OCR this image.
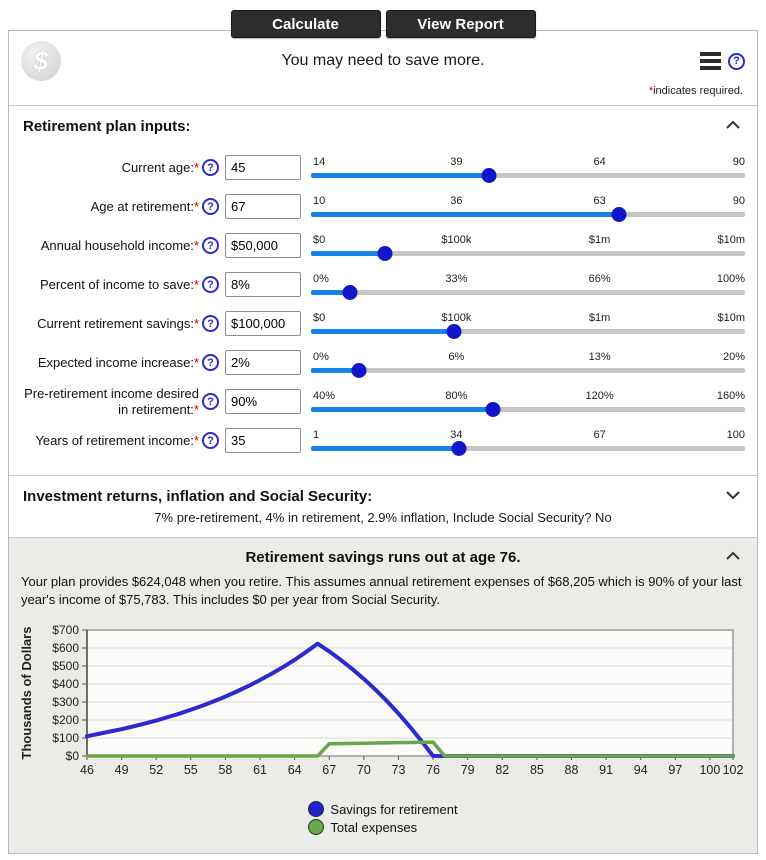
Calculate	View Report
$	You may need to save more.	?
*indicates required.
Retirement plan inputs:
Current age:* ?
45	14	39	64	90
Age at retirement:* ?
67	10	36	63	90
Annual household income:* ?
$50,000	$0	$100k	$1m	$10m
Percent of income to save:* ?
8%	0%	33%	66%	100%
Current retirement savings:* ?
$100,000	$0	$100k	$1m	$10m
Expected income increase:* ?
2%	0%	6%	13%	20%
Pre-retirement income desired in retirement:* ?
90%	40%	80%	120%	160%
Years of retirement income:* ?
35	1	34	67	100
Investment returns, inflation and Social Security:
7% pre-retirement, 4% in retirement, 2.9% inflation, Include Social Security? No
Retirement savings runs out at age 76.
Your plan provides $624,048 when you retire. This assumes annual retirement expenses of $68,205 which is 90% of your last year's income of $75,783. This includes $0 per year from Social Security.
$0
$100
$200
$300
$400
$500
$600
$700
46 49 52 55 58 61 64 67 70 73 76 79 82 85 88 91 94 97 100 102
Thousands of Dollars
Savings for retirement
Total expenses
